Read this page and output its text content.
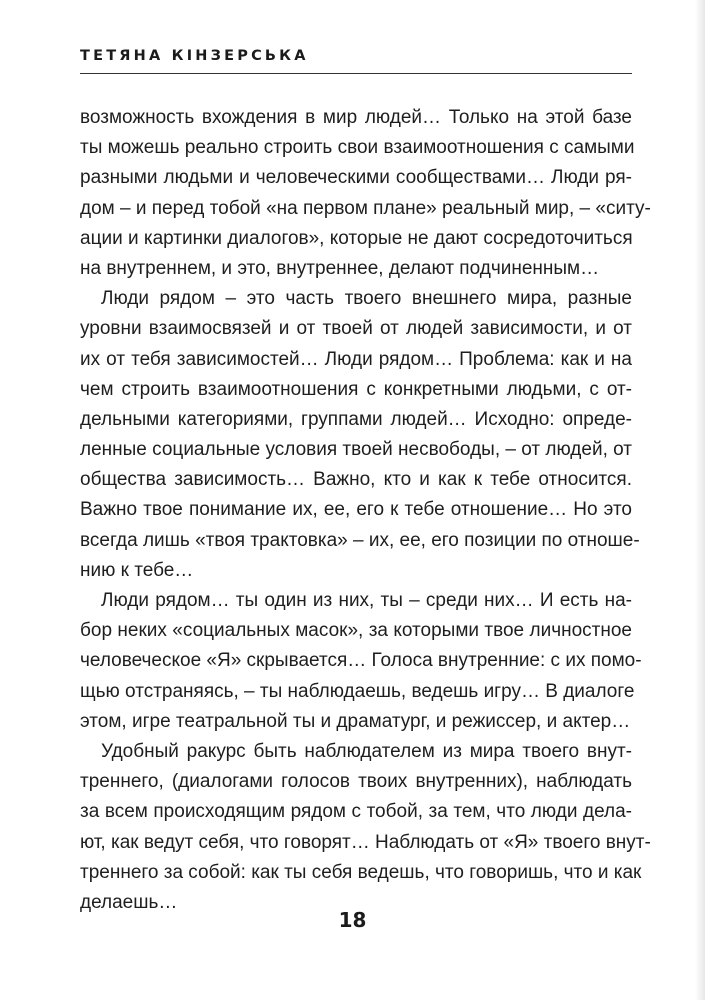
ТЕТЯНА КІНЗЕРСЬКА
возможность вхождения в мир людей… Только на этой базе
ты можешь реально строить свои взаимоотношения с самыми
разными людьми и человеческими сообществами… Люди ря-
дом – и перед тобой «на первом плане» реальный мир, – «ситу-
ации и картинки диалогов», которые не дают сосредоточиться
на внутреннем, и это, внутреннее, делают подчиненным…
Люди рядом – это часть твоего внешнего мира, разные
уровни взаимосвязей и от твоей от людей зависимости, и от
их от тебя зависимостей… Люди рядом… Проблема: как и на
чем строить взаимоотношения с конкретными людьми, с от-
дельными категориями, группами людей… Исходно: опреде-
ленные социальные условия твоей несвободы, – от людей, от
общества зависимость… Важно, кто и как к тебе относится.
Важно твое понимание их, ее, его к тебе отношение… Но это
всегда лишь «твоя трактовка» – их, ее, его позиции по отноше-
нию к тебе…
Люди рядом… ты один из них, ты – среди них… И есть на-
бор неких «социальных масок», за которыми твое личностное
человеческое «Я» скрывается… Голоса внутренние: с их помо-
щью отстраняясь, – ты наблюдаешь, ведешь игру… В диалоге
этом, игре театральной ты и драматург, и режиссер, и актер…
Удобный ракурс быть наблюдателем из мира твоего внут-
треннего, (диалогами голосов твоих внутренних), наблюдать
за всем происходящим рядом с тобой, за тем, что люди дела-
ют, как ведут себя, что говорят… Наблюдать от «Я» твоего внут-
треннего за собой: как ты себя ведешь, что говоришь, что и как
делаешь…
18
